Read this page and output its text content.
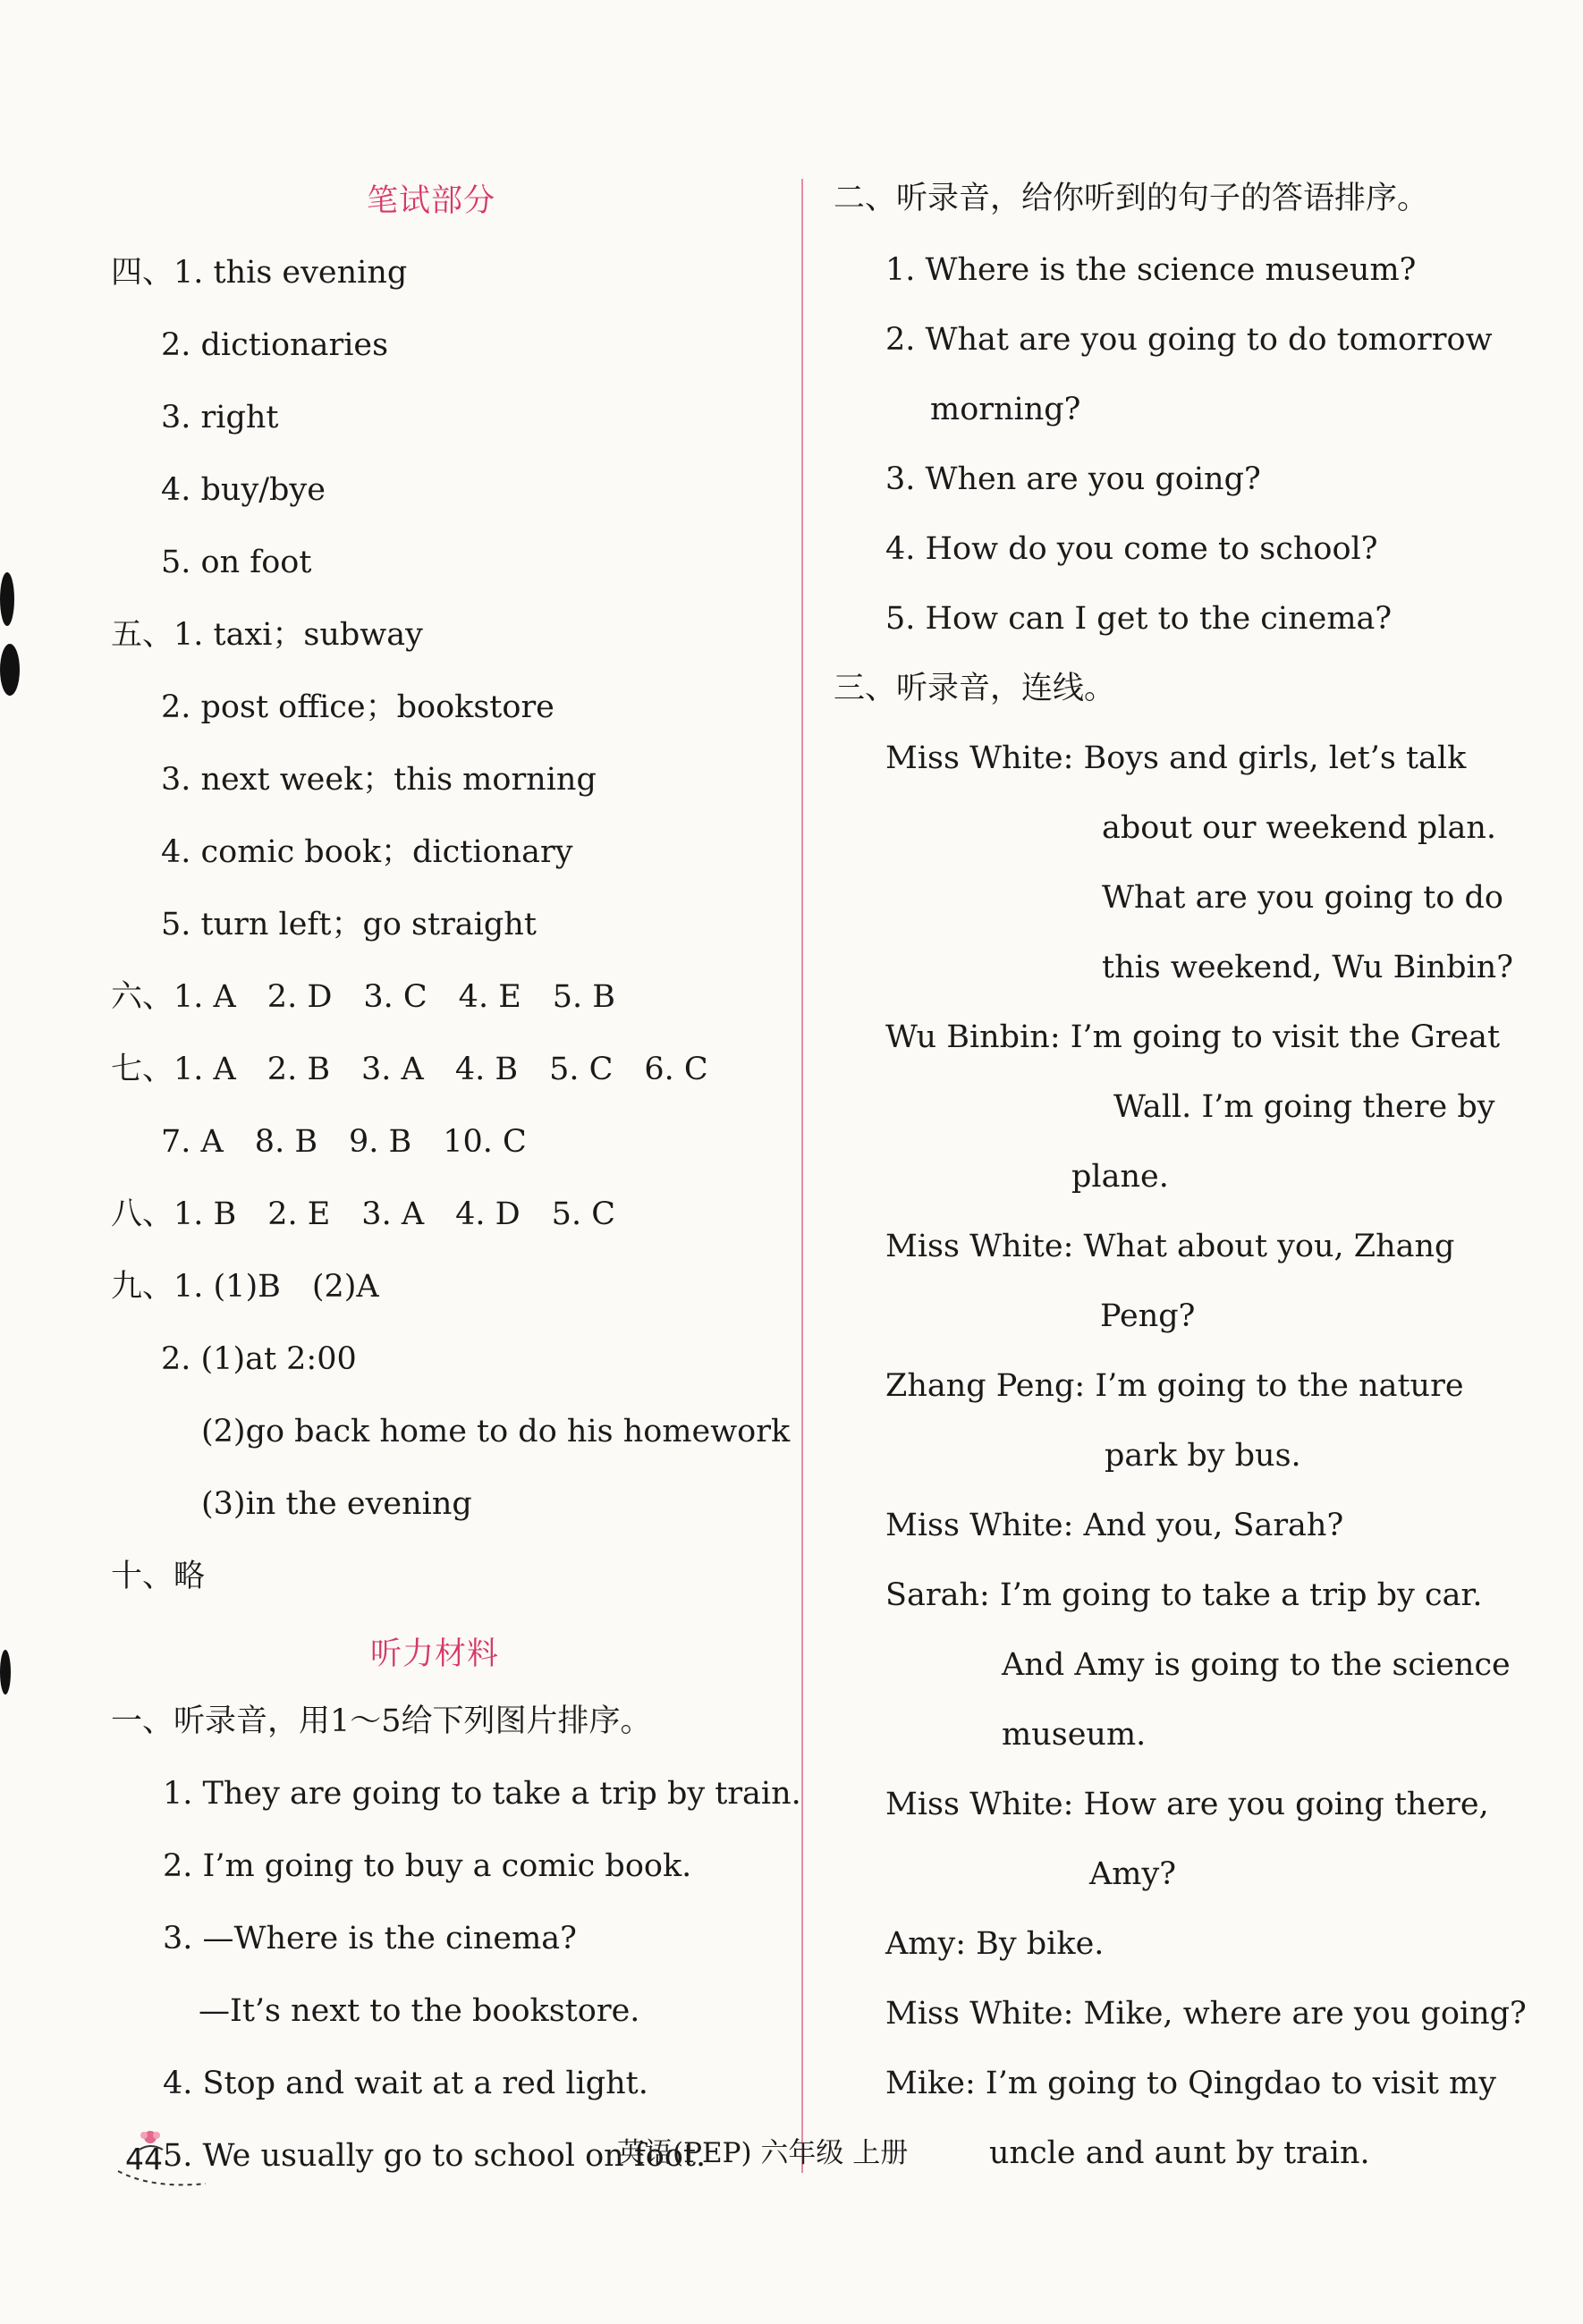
笔试部分
四、1. this evening
2. dictionaries
3. right
4. buy/bye
5. on foot
五、1. taxi；subway
2. post office；bookstore
3. next week；this morning
4. comic book；dictionary
5. turn left；go straight
六、1. A　2. D　3. C　4. E　5. B
七、1. A　2. B　3. A　4. B　5. C　6. C
7. A　8. B　9. B　10. C
八、1. B　2. E　3. A　4. D　5. C
九、1. (1)B　(2)A
2. (1)at 2:00
(2)go back home to do his homework
(3)in the evening
十、略
听力材料
一、听录音，用1～5给下列图片排序。
1. They are going to take a trip by train.
2. I’m going to buy a comic book.
3. —Where is the cinema?
—It’s next to the bookstore.
4. Stop and wait at a red light.
5. We usually go to school on foot.
二、听录音，给你听到的句子的答语排序。
1. Where is the science museum?
2. What are you going to do tomorrow
morning?
3. When are you going?
4. How do you come to school?
5. How can I get to the cinema?
三、听录音，连线。
Miss White: Boys and girls, let’s talk
about our weekend plan.
What are you going to do
this weekend, Wu Binbin?
Wu Binbin: I’m going to visit the Great
Wall. I’m going there by
plane.
Miss White: What about you, Zhang
Peng?
Zhang Peng: I’m going to the nature
park by bus.
Miss White: And you, Sarah?
Sarah: I’m going to take a trip by car.
And Amy is going to the science
museum.
Miss White: How are you going there,
Amy?
Amy: By bike.
Miss White: Mike, where are you going?
Mike: I’m going to Qingdao to visit my
uncle and aunt by train.
44	英语(PEP) 六年级 上册
